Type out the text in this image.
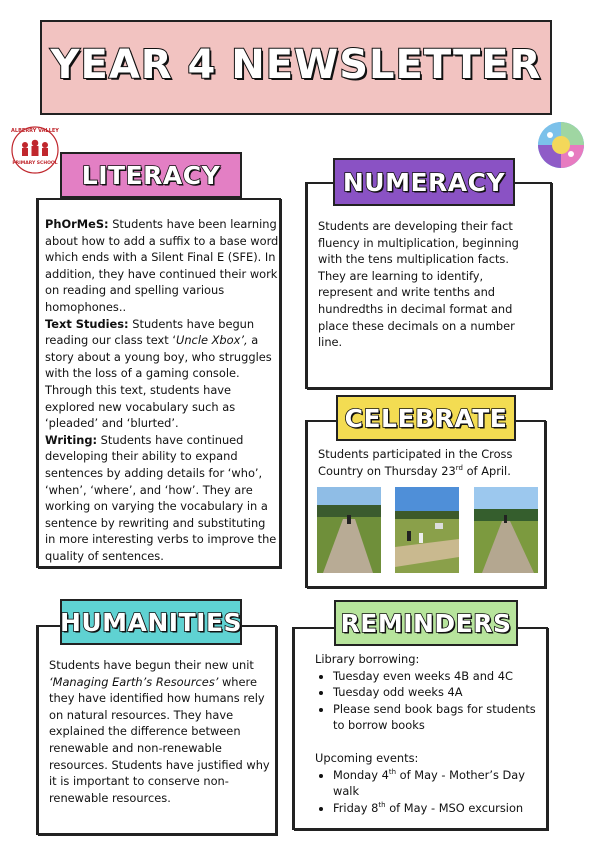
YEAR 4 NEWSLETTER
ALBERRY VALLEY
PRIMARY SCHOOL

PhOrMeS: Students have been learning about how to add a suffix to a base word which ends with a Silent Final E (SFE). In addition, they have continued their work on reading and spelling various homophones..

Text Studies: Students have begun reading our class text ‘Uncle Xbox’, a story about a young boy, who struggles with the loss of a gaming console. Through this text, students have explored new vocabulary such as ‘pleaded’ and ‘blurted’.

Writing: Students have continued developing their ability to expand sentences by adding details for ‘who’, ‘when’, ‘where’, and ‘how’. They are working on varying the vocabulary in a sentence by rewriting and substituting in more interesting verbs to improve the quality of sentences.

LITERACY

Students are developing their fact fluency in multiplication, beginning with the tens multiplication facts. They are learning to identify, represent and write tenths and hundredths in decimal format and place these decimals on a number line.

NUMERACY

Students participated in the Cross Country on Thursday 23rd of April.

CELEBRATE

Students have begun their new unit ‘Managing Earth’s Resources’ where they have identified how humans rely on natural resources. They have explained the difference between renewable and non-renewable resources. Students have justified why it is important to conserve non-renewable resources.

HUMANITIES

Library borrowing:

• Tuesday even weeks 4B and 4C
• Tuesday odd weeks 4A
• Please send book bags for students to borrow books

Upcoming events:

• Monday 4th of May - Mother’s Day walk
• Friday 8th of May - MSO excursion
REMINDERS
